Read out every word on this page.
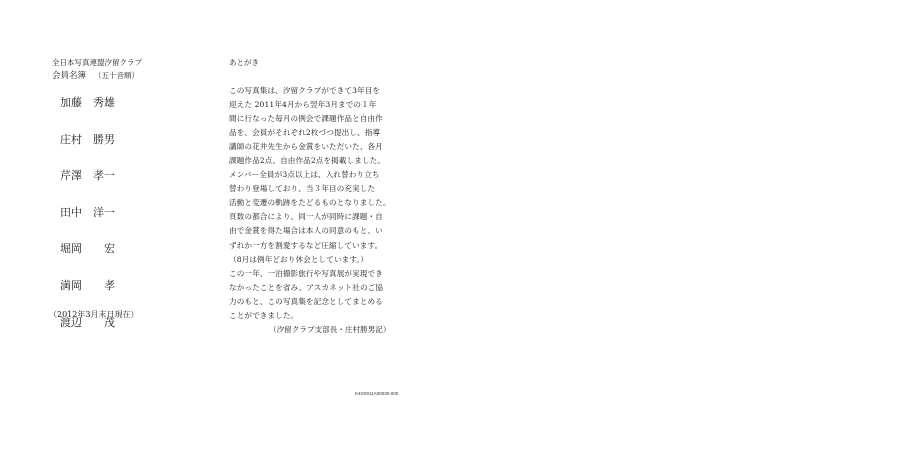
全日本写真連盟汐留クラブ

会員名簿 （五十音順）

加藤　秀雄
庄村　勝男
芹澤　孝一
田中　洋一
堀岡　　宏
満岡　　孝
渡辺　　茂
（2012年3月末日現在）

あとがき

この写真集は、汐留クラブができて3年目を
迎えた 2011年4月から翌年3月までの１年
間に行なった毎月の例会で課題作品と自由作
品を、会員がそれぞれ2枚づつ提出し、指導
講師の花井先生から金賞をいただいた、各月
課題作品2点、自由作品2点を掲載しました。
メンバー全員が3点以上は、入れ替わり立ち
替わり登場しており、当３年目の充実した
活動と変遷の軌跡をたどるものとなりました。
頁数の都合により、同一人が同時に課題・自
由で金賞を得た場合は本人の同意のもと、い
ずれか一方を割愛するなど圧縮しています。
（8月は例年どおり休会としています。）
この一年、一泊撮影旅行や写真展が実現でき
なかったことを省み、アスカネット社のご協
力のもと、この写真集を記念としてまとめる
ことができました。

（汐留クラブ支部長・庄村勝男記）

K4G0011A00030-000
